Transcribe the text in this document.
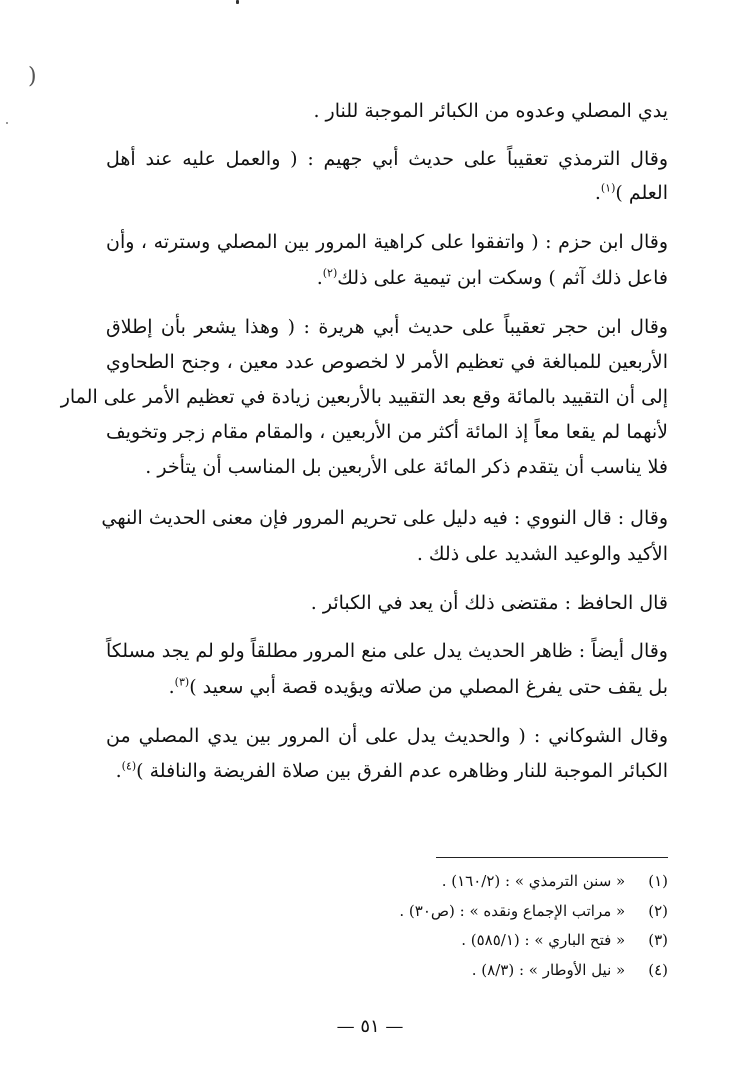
)
يدي المصلي وعدوه من الكبائر الموجبة للنار .
وقال الترمذي تعقيباً على حديث أبي جهيم : ( والعمل عليه عند أهل
العلم )$^{(١)}$.
وقال ابن حزم : ( واتفقوا على كراهية المرور بين المصلي وسترته ، وأن
فاعل ذلك آثم ) وسكت ابن تيمية على ذلك$^{(٢)}$.
وقال ابن حجر تعقيباً على حديث أبي هريرة : ( وهذا يشعر بأن إطلاق
الأربعين للمبالغة في تعظيم الأمر لا لخصوص عدد معين ، وجنح الطحاوي
إلى أن التقييد بالمائة وقع بعد التقييد بالأربعين زيادة في تعظيم الأمر على المار
لأنهما لم يقعا معاً إذ المائة أكثر من الأربعين ، والمقام مقام زجر وتخويف
فلا يناسب أن يتقدم ذكر المائة على الأربعين بل المناسب أن يتأخر .
وقال : قال النووي : فيه دليل على تحريم المرور فإن معنى الحديث النهي
الأكيد والوعيد الشديد على ذلك .
قال الحافظ : مقتضى ذلك أن يعد في الكبائر .
وقال أيضاً : ظاهر الحديث يدل على منع المرور مطلقاً ولو لم يجد مسلكاً
بل يقف حتى يفرغ المصلي من صلاته ويؤيده قصة أبي سعيد )$^{(٣)}$.
وقال الشوكاني : ( والحديث يدل على أن المرور بين يدي المصلي من
الكبائر الموجبة للنار وظاهره عدم الفرق بين صلاة الفريضة والنافلة )$^{(٤)}$.
(١) « سنن الترمذي » : (١٦٠/٢) .
(٢) « مراتب الإجماع ونقده » : (ص٣٠) .
(٣) « فتح الباري » : (٥٨٥/١) .
(٤) « نيل الأوطار » : (٨/٣) .
— ٥١ —
